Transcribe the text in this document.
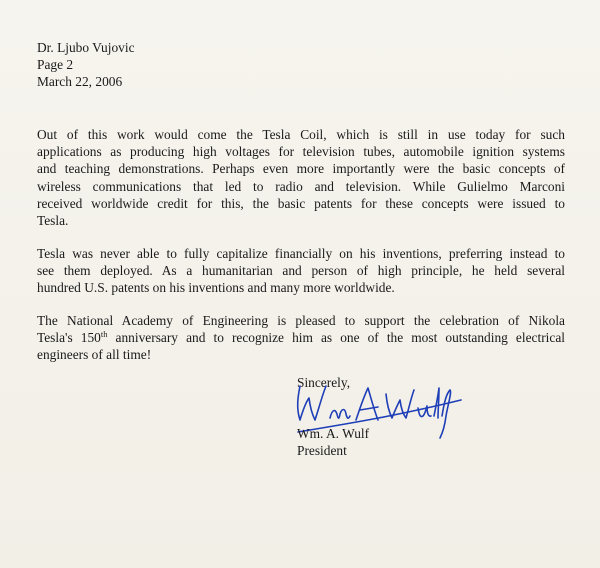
Dr. Ljubo Vujovic
Page 2
March 22, 2006
Out of this work would come the Tesla Coil, which is still in use today for such
applications as producing high voltages for television tubes, automobile ignition systems
and teaching demonstrations. Perhaps even more importantly were the basic concepts of
wireless communications that led to radio and television. While Gulielmo Marconi
received worldwide credit for this, the basic patents for these concepts were issued to
Tesla.
Tesla was never able to fully capitalize financially on his inventions, preferring instead to
see them deployed. As a humanitarian and person of high principle, he held several
hundred U.S. patents on his inventions and many more worldwide.
The National Academy of Engineering is pleased to support the celebration of Nikola
Tesla's 150th anniversary and to recognize him as one of the most outstanding electrical
engineers of all time!
Sincerely,
Wm. A. Wulf
President
